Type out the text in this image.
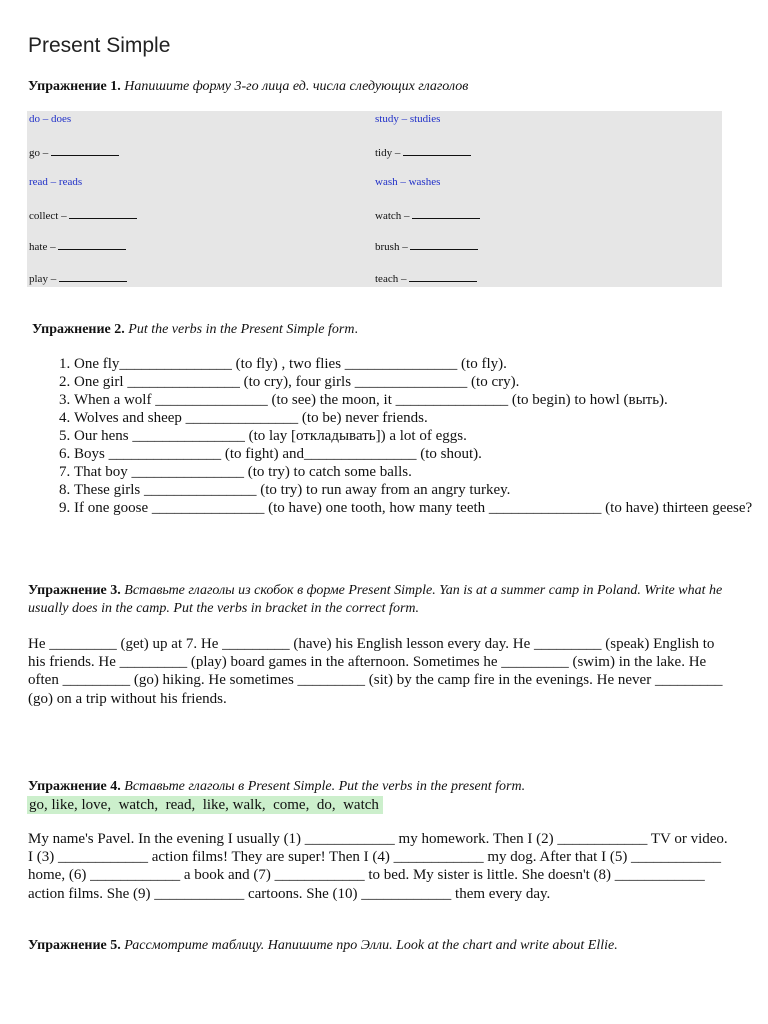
Present Simple
Упражнение 1. Напишите форму 3-го лица ед. числа следующих глаголов
do – does	study – studies
go –	tidy –
read – reads	wash – washes
collect –	watch –
hate –	brush –
play –	teach –
Упражнение 2. Put the verbs in the Present Simple form.
1. One fly_______________ (to fly) , two flies _______________ (to fly).
2. One girl _______________ (to cry), four girls _______________ (to cry).
3. When a wolf _______________ (to see) the moon, it _______________ (to begin) to howl (выть).
4. Wolves and sheep _______________ (to be) never friends.
5. Our hens _______________ (to lay [откладывать]) a lot of eggs.
6. Boys _______________ (to fight) and_______________ (to shout).
7. That boy _______________ (to try) to catch some balls.
8. These girls _______________ (to try) to run away from an angry turkey.
9. If one goose _______________ (to have) one tooth, how many teeth _______________ (to have) thirteen geese?
Упражнение 3. Вставьте глаголы из скобок в форме Present Simple. Yan is at a summer camp in Poland. Write what he usually does in the camp. Put the verbs in bracket in the correct form.

He _________ (get) up at 7. He _________ (have) his English lesson every day. He _________ (speak) English to his friends. He _________ (play) board games in the afternoon. Sometimes he _________ (swim) in the lake. He often _________ (go) hiking. He sometimes _________ (sit) by the camp fire in the evenings. He never _________ (go) on a trip without his friends.

Упражнение 4. Вставьте глаголы в Present Simple. Put the verbs in the present form.
go, like, love,  watch,  read,  like, walk,  come,  do,  watch

My name's Pavel. In the evening I usually (1) ____________ my homework. Then I (2) ____________ TV or video. I (3) ____________ action films! They are super! Then I (4) ____________ my dog. After that I (5) ____________ home, (6) ____________ a book and (7) ____________ to bed. My sister is little. She doesn't (8) ____________ action films. She (9) ____________ cartoons. She (10) ____________ them every day.

Упражнение 5. Рассмотрите таблицу. Напишите про Элли. Look at the chart and write about Ellie.
